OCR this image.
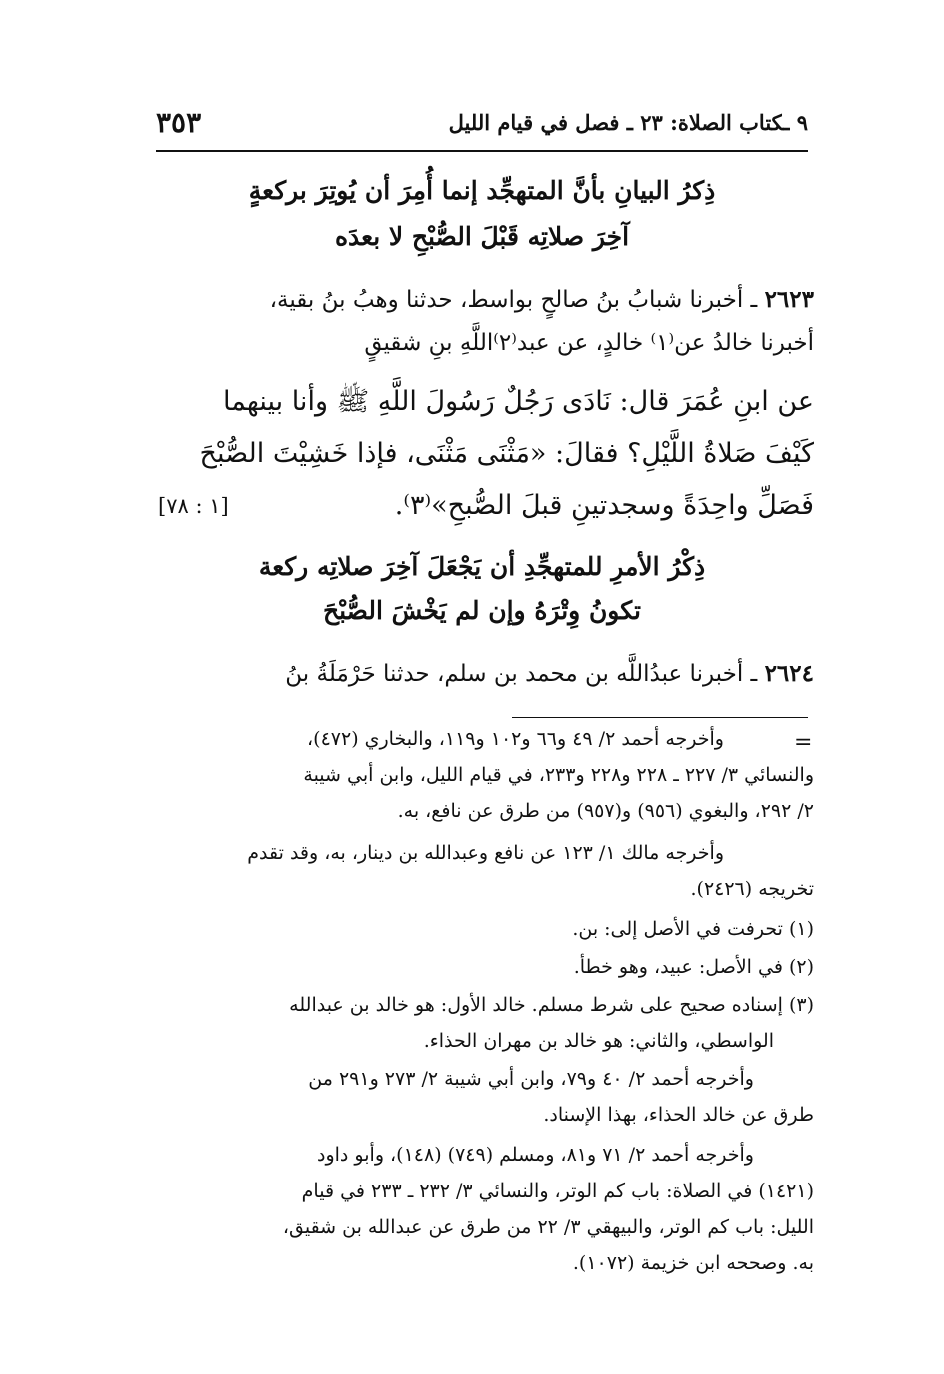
٩ ـكتاب الصلاة: ٢٣ ـ فصل في قيام الليل
٣٥٣
ذِكرُ البيانِ بأنَّ المتهجِّد إنما أُمِرَ أن يُوتِرَ بركعةٍ
آخِرَ صلاتِه قَبْلَ الصُّبْحِ لا بعدَه
٢٦٢٣ ـ أخبرنا شبابُ بنُ صالحٍ بواسط، حدثنا وهبُ بنُ بقية،
أخبرنا خالدُ عن⁽١⁾ خالدٍ، عن عبد⁽٢⁾اللَّهِ بنِ شقيقٍ
عن ابنِ عُمَرَ قال: نَادَى رَجُلٌ رَسُولَ اللَّهِ ﷺ وأنا بينهما
كَيْفَ صَلاةُ اللَّيْلِ؟ فقالَ: «مَثْنَى مَثْنَى، فإذا خَشِيْتَ الصُّبْحَ
فَصَلِّ واحِدَةً وسجدتينِ قبلَ الصُّبحِ»⁽٣⁾.
[١ : ٧٨]
ذِكْرُ الأمرِ للمتهجِّدِ أن يَجْعَلَ آخِرَ صلاتِه ركعة
تكونُ وِتْرَهُ وإن لم يَخْشَ الصُّبْحَ
٢٦٢٤ ـ أخبرنا عبدُاللَّه بن محمد بن سلم، حدثنا حَرْمَلَةُ بنُ
=
وأخرجه أحمد ٢/ ٤٩ و٦٦ و١٠٢ و١١٩، والبخاري (٤٧٢)،
والنسائي ٣/ ٢٢٧ ـ ٢٢٨ و٢٢٨ و٢٣٣، في قيام الليل، وابن أبي شيبة
٢/ ٢٩٢، والبغوي (٩٥٦) و(٩٥٧) من طرق عن نافع، به.
وأخرجه مالك ١/ ١٢٣ عن نافع وعبدالله بن دينار، به، وقد تقدم
تخريجه (٢٤٢٦).
(١) تحرفت في الأصل إلى: بن.
(٢) في الأصل: عبيد، وهو خطأ.
(٣) إسناده صحيح على شرط مسلم. خالد الأول: هو خالد بن عبدالله
الواسطي، والثاني: هو خالد بن مهران الحذاء.
وأخرجه أحمد ٢/ ٤٠ و٧٩، وابن أبي شيبة ٢/ ٢٧٣ و٢٩١ من
طرق عن خالد الحذاء، بهذا الإسناد.
وأخرجه أحمد ٢/ ٧١ و٨١، ومسلم (٧٤٩) (١٤٨)، وأبو داود
(١٤٢١) في الصلاة: باب كم الوتر، والنسائي ٣/ ٢٣٢ ـ ٢٣٣ في قيام
الليل: باب كم الوتر، والبيهقي ٣/ ٢٢ من طرق عن عبدالله بن شقيق،
به. وصححه ابن خزيمة (١٠٧٢).
